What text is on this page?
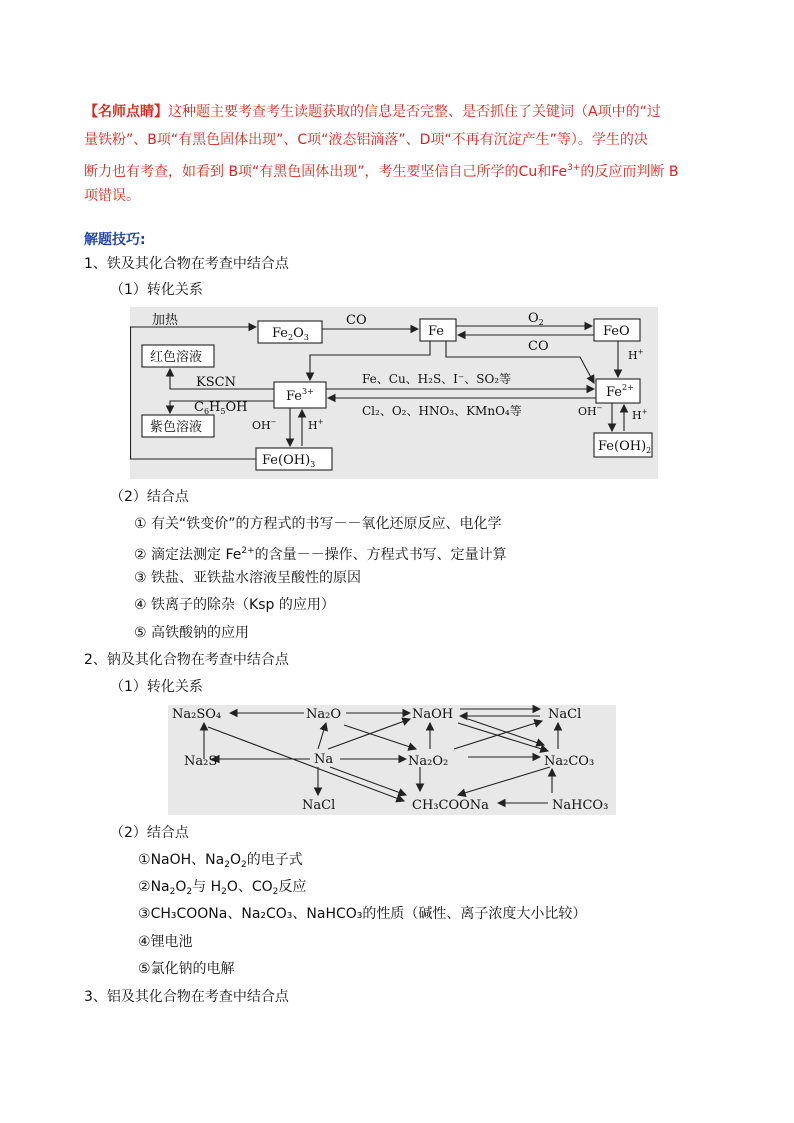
【名师点睛】这种题主要考查考生读题获取的信息是否完整、是否抓住了关键词（A项中的“过
量铁粉”、B项“有黑色固体出现”、C项“液态铝滴落”、D项“不再有沉淀产生”等）。学生的决
断力也有考查，如看到 B项“有黑色固体出现”，考生要坚信自己所学的Cu和$Fe^{3+}$的反应而判断 B
项错误。
解题技巧:
1、铁及其化合物在考查中结合点
（1）转化关系
$Fe_2O_3$	Fe	FeO
红色溶液
紫色溶液
$Fe^{3+}$	$Fe^{2+}$
$Fe(OH)_3$
$Fe(OH)_2$
加热	CO
CO
$O_2$
KSCN
$C_6H_5OH$
Fe、Cu、H₂S、I⁻、SO₂等
Cl₂、O₂、HNO₃、KMnO₄等
H+
H+	H+
OH−
OH−
（2）结合点
① 有关“铁变价”的方程式的书写－－氧化还原反应、电化学
② 滴定法测定 $Fe^{2+}$的含量－－操作、方程式书写、定量计算
③ 铁盐、亚铁盐水溶液呈酸性的原因
④ 铁离子的除杂（Ksp 的应用）
⑤ 高铁酸钠的应用
2、钠及其化合物在考查中结合点
（1）转化关系
Na₂SO₄	Na₂O	NaOH	NaCl
Na₂S	Na	Na₂O₂	Na₂CO₃
NaCl	CH₃COONa	NaHCO₃
（2）结合点
①NaOH、$Na_2O_2$的电子式
$②Na_2O_2$与 $H_2O$、$CO_2$反应
③CH₃COONa、Na₂CO₃、NaHCO₃的性质（碱性、离子浓度大小比较）
④锂电池
⑤氯化钠的电解
3、铝及其化合物在考查中结合点
